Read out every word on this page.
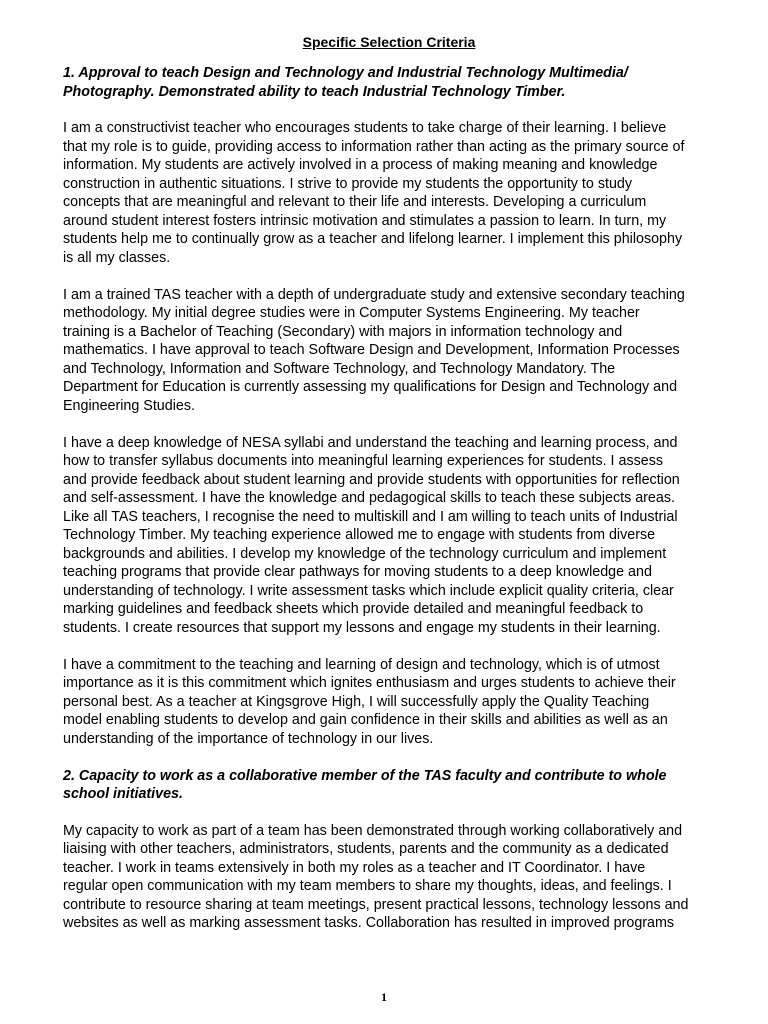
Specific Selection Criteria
1. Approval to teach Design and Technology and Industrial Technology Multimedia/
Photography. Demonstrated ability to teach Industrial Technology Timber.
I am a constructivist teacher who encourages students to take charge of their learning. I believe
that my role is to guide, providing access to information rather than acting as the primary source of
information. My students are actively involved in a process of making meaning and knowledge
construction in authentic situations. I strive to provide my students the opportunity to study
concepts that are meaningful and relevant to their life and interests. Developing a curriculum
around student interest fosters intrinsic motivation and stimulates a passion to learn. In turn, my
students help me to continually grow as a teacher and lifelong learner. I implement this philosophy
is all my classes.
I am a trained TAS teacher with a depth of undergraduate study and extensive secondary teaching
methodology. My initial degree studies were in Computer Systems Engineering. My teacher
training is a Bachelor of Teaching (Secondary) with majors in information technology and
mathematics. I have approval to teach Software Design and Development, Information Processes
and Technology, Information and Software Technology, and Technology Mandatory. The
Department for Education is currently assessing my qualifications for Design and Technology and
Engineering Studies.
I have a deep knowledge of NESA syllabi and understand the teaching and learning process, and
how to transfer syllabus documents into meaningful learning experiences for students. I assess
and provide feedback about student learning and provide students with opportunities for reflection
and self-assessment. I have the knowledge and pedagogical skills to teach these subjects areas.
Like all TAS teachers, I recognise the need to multiskill and I am willing to teach units of Industrial
Technology Timber. My teaching experience allowed me to engage with students from diverse
backgrounds and abilities. I develop my knowledge of the technology curriculum and implement
teaching programs that provide clear pathways for moving students to a deep knowledge and
understanding of technology. I write assessment tasks which include explicit quality criteria, clear
marking guidelines and feedback sheets which provide detailed and meaningful feedback to
students. I create resources that support my lessons and engage my students in their learning.
I have a commitment to the teaching and learning of design and technology, which is of utmost
importance as it is this commitment which ignites enthusiasm and urges students to achieve their
personal best. As a teacher at Kingsgrove High, I will successfully apply the Quality Teaching
model enabling students to develop and gain confidence in their skills and abilities as well as an
understanding of the importance of technology in our lives.
2. Capacity to work as a collaborative member of the TAS faculty and contribute to whole
school initiatives.
My capacity to work as part of a team has been demonstrated through working collaboratively and
liaising with other teachers, administrators, students, parents and the community as a dedicated
teacher. I work in teams extensively in both my roles as a teacher and IT Coordinator. I have
regular open communication with my team members to share my thoughts, ideas, and feelings. I
contribute to resource sharing at team meetings, present practical lessons, technology lessons and
websites as well as marking assessment tasks. Collaboration has resulted in improved programs
1
